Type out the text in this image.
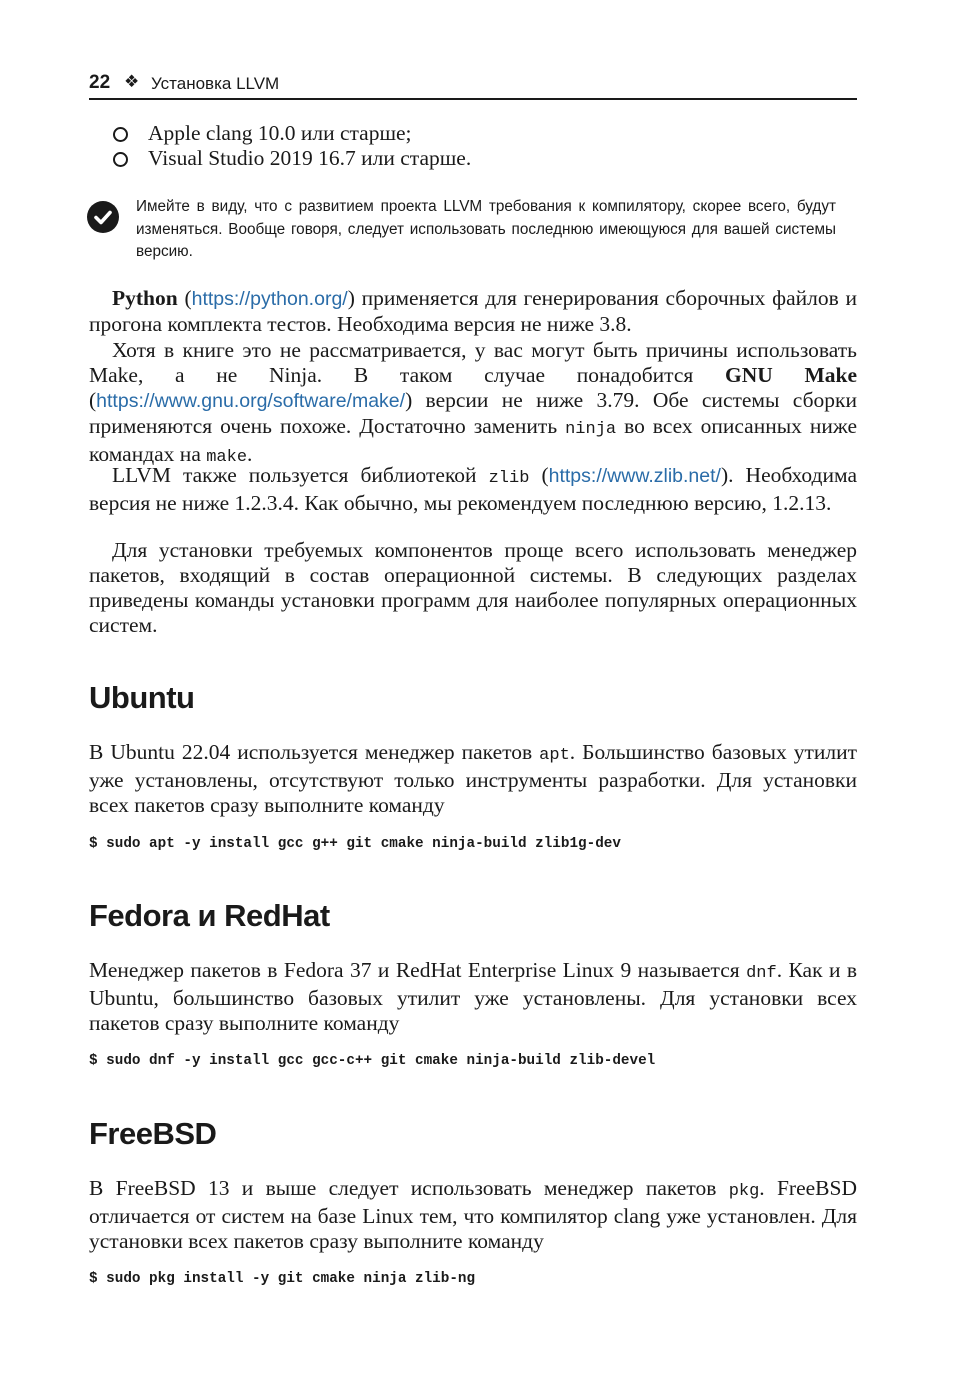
22 ❖ Установка LLVM
Apple clang 10.0 или старше;
Visual Studio 2019 16.7 или старше.
Имейте в виду, что с развитием проекта LLVM требования к компилятору, скорее всего, будут изменяться. Вообще говоря, следует использовать последнюю имеющуюся для вашей системы версию.

Python (https://python.org/) применяется для генерирования сборочных файлов и прогона комплекта тестов. Необходима версия не ниже 3.8.

Хотя в книге это не рассматривается, у вас могут быть причины использовать Make, а не Ninja. В таком случае понадобится GNU Make (https://www.gnu.org/software/make/) версии не ниже 3.79. Обе системы сборки применяются очень похоже. Достаточно заменить ninja во всех описанных ниже командах на make.

LLVM также пользуется библиотекой zlib (https://www.zlib.net/). Необходима версия не ниже 1.2.3.4. Как обычно, мы рекомендуем последнюю версию, 1.2.13.

Для установки требуемых компонентов проще всего использовать менеджер пакетов, входящий в состав операционной системы. В следующих разделах приведены команды установки программ для наиболее популярных операционных систем.

Ubuntu

В Ubuntu 22.04 используется менеджер пакетов apt. Большинство базовых утилит уже установлены, отсутствуют только инструменты разработки. Для установки всех пакетов сразу выполните команду

$ sudo apt -y install gcc g++ git cmake ninja-build zlib1g-dev
Fedora и RedHat

Менеджер пакетов в Fedora 37 и RedHat Enterprise Linux 9 называется dnf. Как и в Ubuntu, большинство базовых утилит уже установлены. Для установки всех пакетов сразу выполните команду

$ sudo dnf -y install gcc gcc-c++ git cmake ninja-build zlib-devel
FreeBSD

В FreeBSD 13 и выше следует использовать менеджер пакетов pkg. FreeBSD отличается от систем на базе Linux тем, что компилятор clang уже установлен. Для установки всех пакетов сразу выполните команду

$ sudo pkg install -y git cmake ninja zlib-ng
